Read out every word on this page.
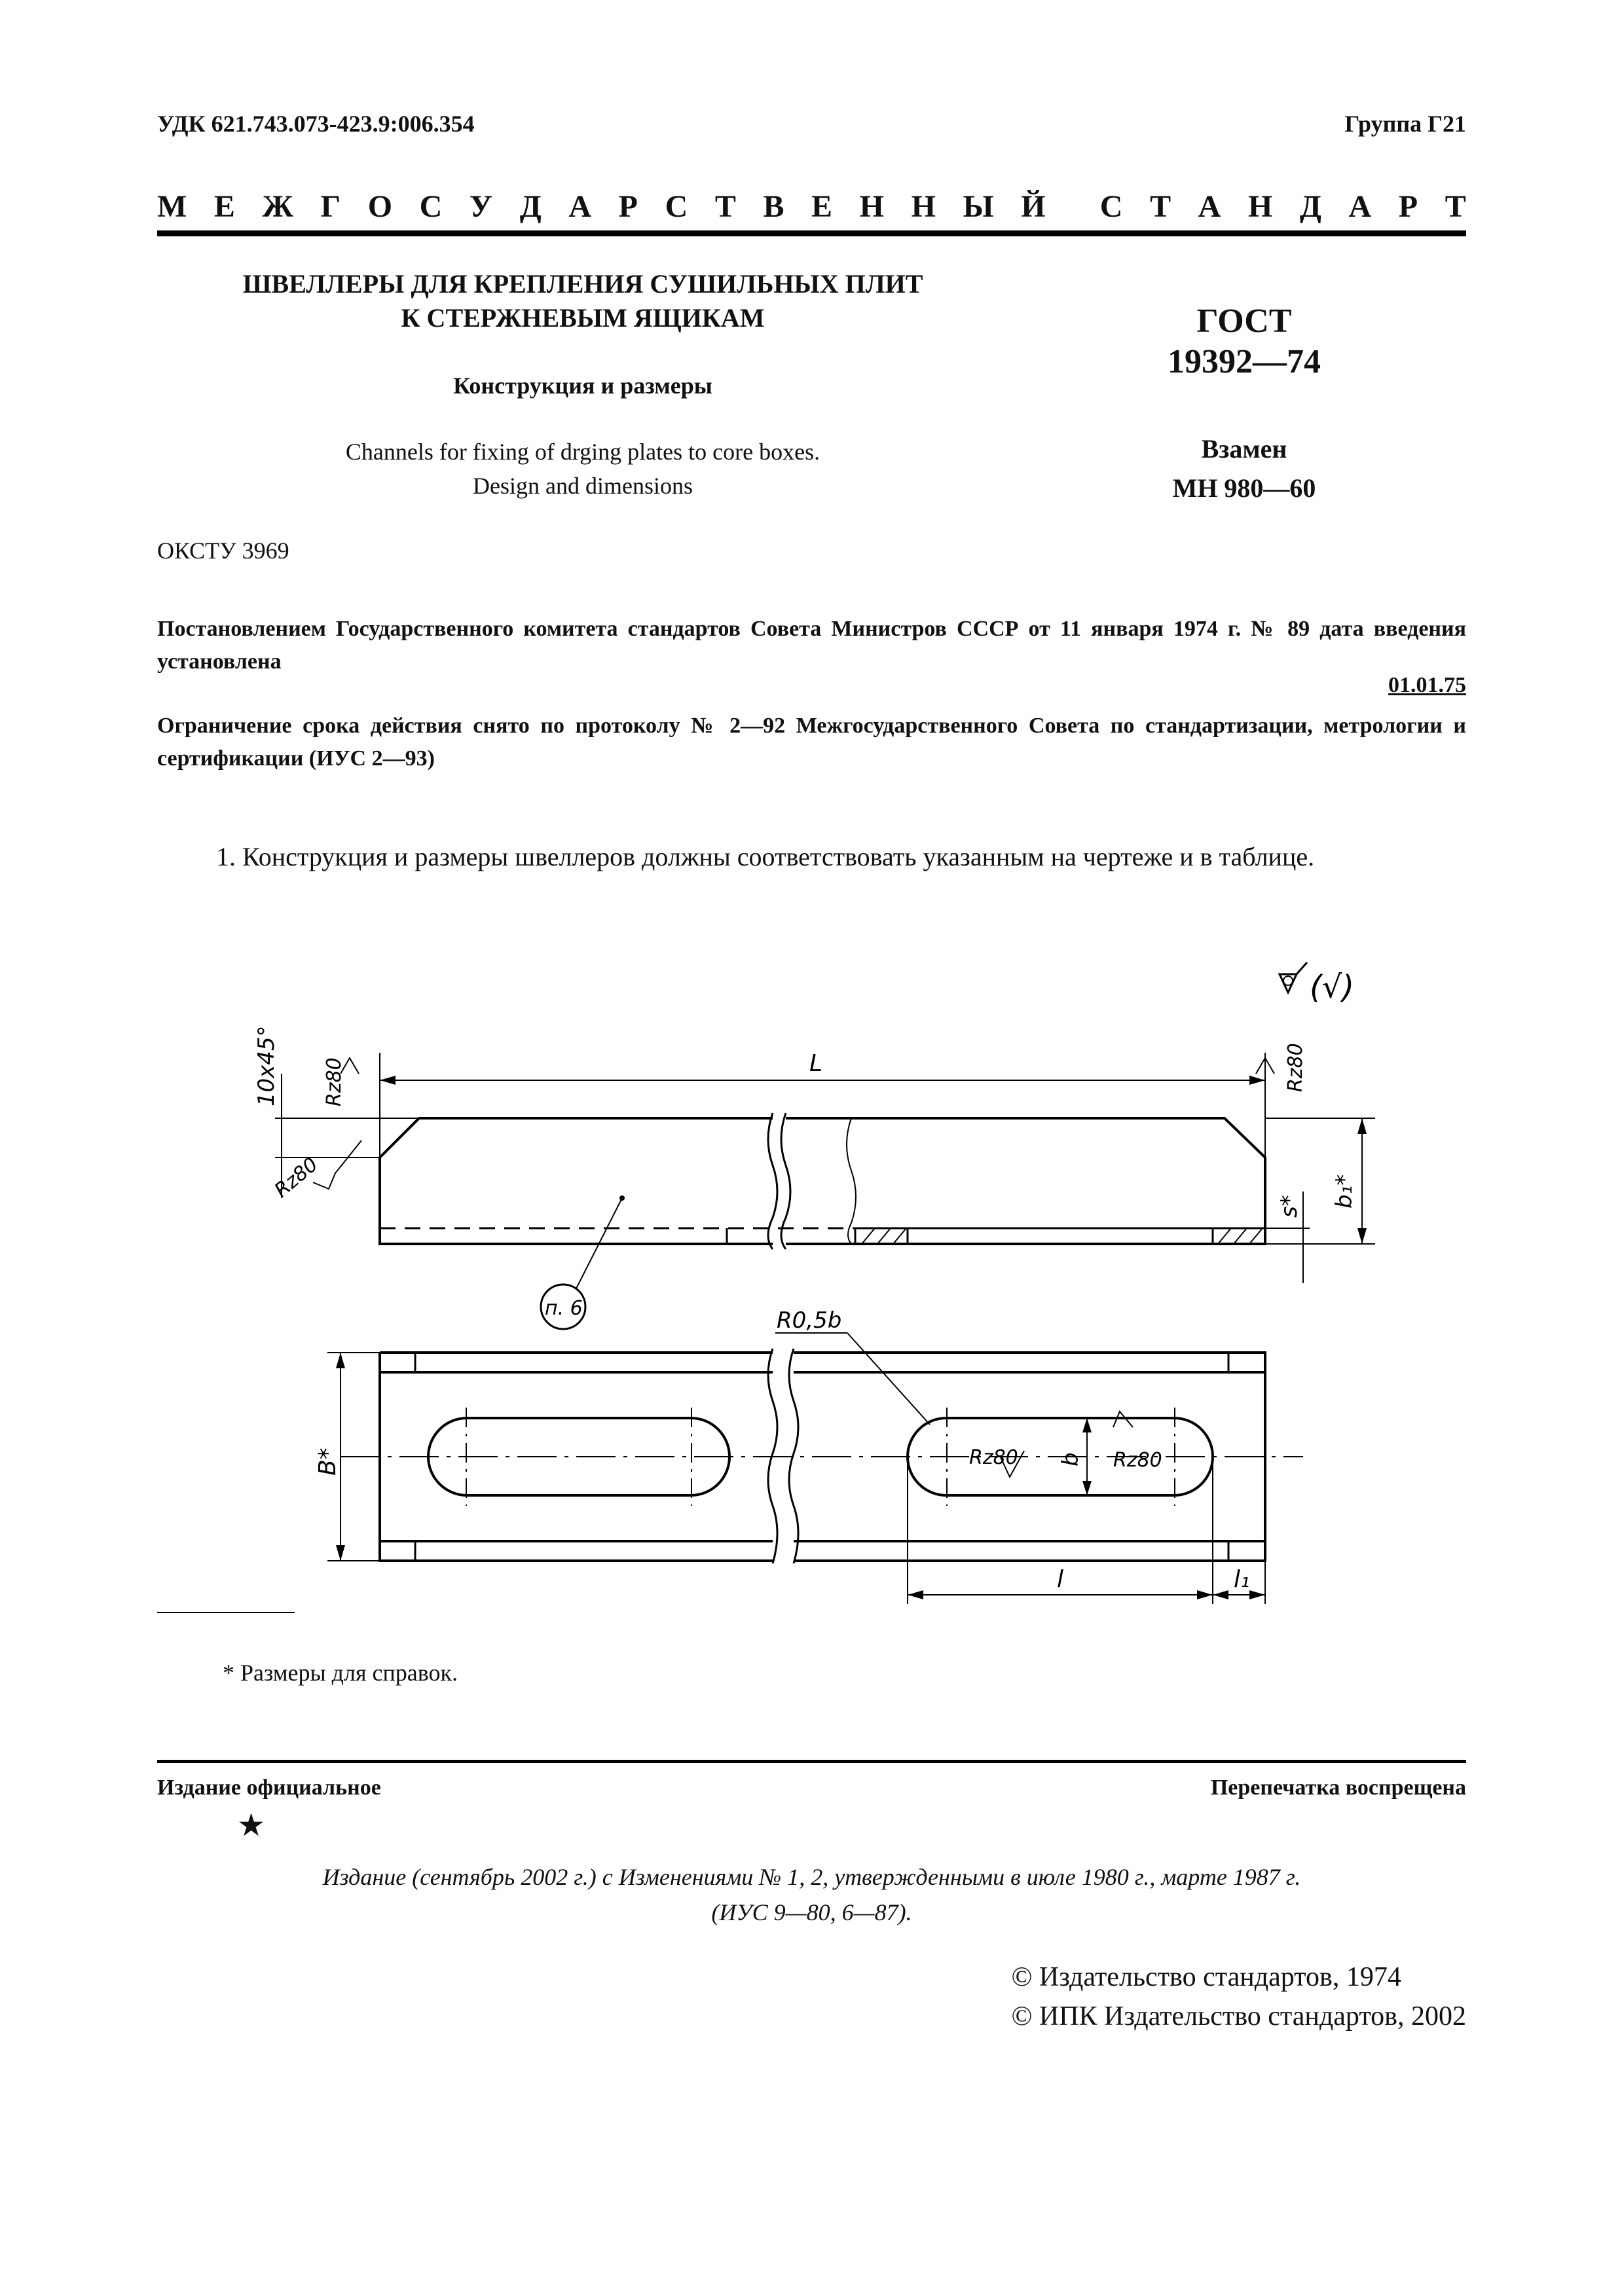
УДК 621.743.073-423.9:006.354	Группа Г21
М Е Ж Г О С У Д А Р С Т В Е Н Н Ы Й С Т А Н Д А Р Т
ШВЕЛЛЕРЫ ДЛЯ КРЕПЛЕНИЯ СУШИЛЬНЫХ ПЛИТ
К СТЕРЖНЕВЫМ ЯЩИКАМ
Конструкция и размеры
Channels for fixing of drging plates to core boxes.
Design and dimensions
ГОСТ
19392—74
Взамен
МН 980—60
ОКСТУ 3969
Постановлением Государственного комитета стандартов Совета Министров СССР от 11 января 1974 г. № 89 дата введения установлена
01.01.75
Ограничение срока действия снято по протоколу № 2—92 Межгосударственного Совета по стандартизации, метрологии и сертификации (ИУС 2—93)
1. Конструкция и размеры швеллеров должны соответствовать указанным на чертеже и в таблице.
(√)
L
10x45° Rz80	Rz80
Rz80
s* b₁*
п. 6	R0,5b
B*	Rz80 b Rz80
l	l₁
* Размеры для справок.
Издание официальное	Перепечатка воспрещена
★
Издание (сентябрь 2002 г.) с Изменениями № 1, 2, утвержденными в июле 1980 г., марте 1987 г.
(ИУС 9—80, 6—87).
© Издательство стандартов, 1974
© ИПК Издательство стандартов, 2002
